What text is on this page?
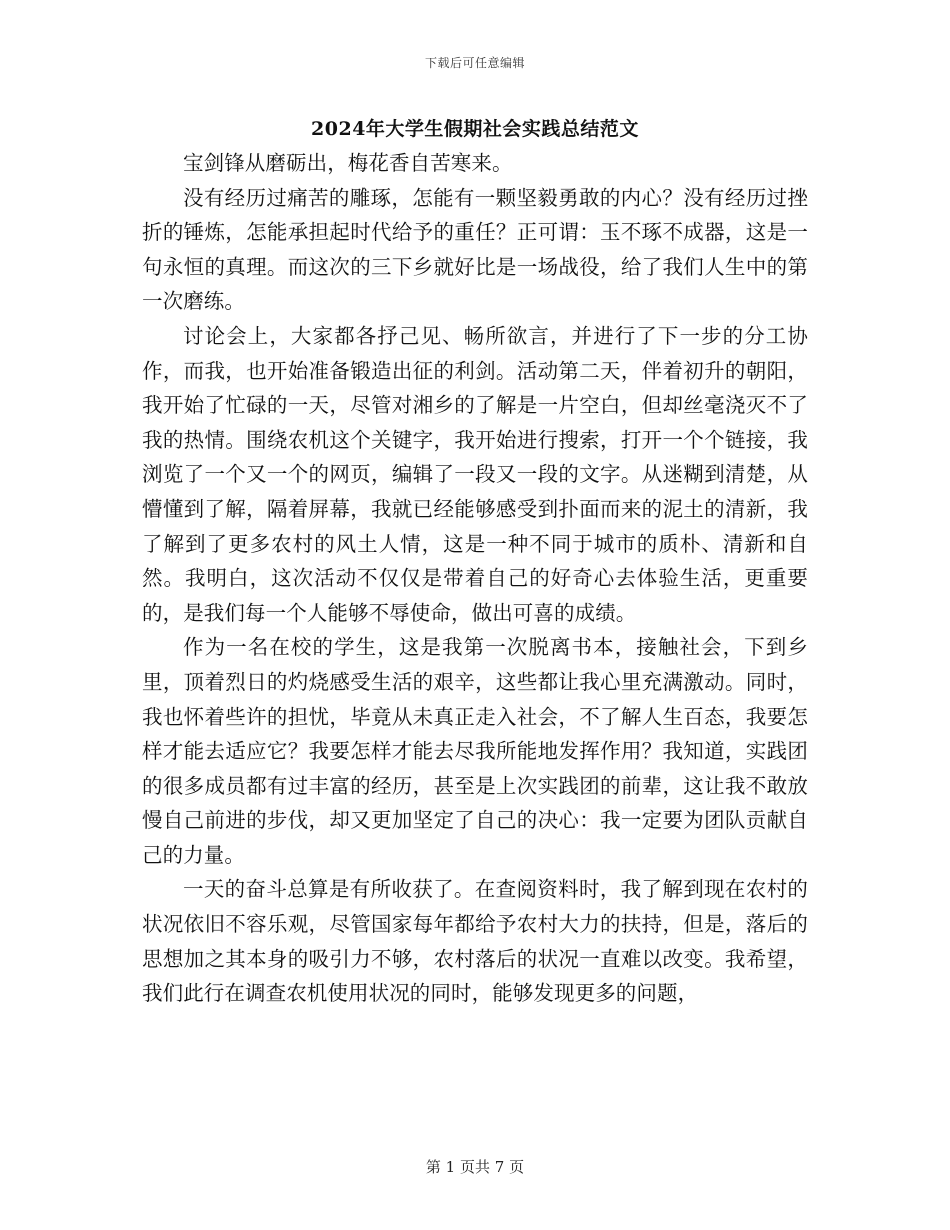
下载后可任意编辑
2024年大学生假期社会实践总结范文

宝剑锋从磨砺出，梅花香自苦寒来。

没有经历过痛苦的雕琢，怎能有一颗坚毅勇敢的内心？没有经历过挫折的锤炼，怎能承担起时代给予的重任？正可谓：玉不琢不成器，这是一句永恒的真理。而这次的三下乡就好比是一场战役，给了我们人生中的第一次磨练。

讨论会上，大家都各抒己见、畅所欲言，并进行了下一步的分工协作，而我，也开始准备锻造出征的利剑。活动第二天，伴着初升的朝阳，我开始了忙碌的一天，尽管对湘乡的了解是一片空白，但却丝毫浇灭不了我的热情。围绕农机这个关键字，我开始进行搜索，打开一个个链接，我浏览了一个又一个的网页，编辑了一段又一段的文字。从迷糊到清楚，从懵懂到了解，隔着屏幕，我就已经能够感受到扑面而来的泥土的清新，我了解到了更多农村的风土人情，这是一种不同于城市的质朴、清新和自然。我明白，这次活动不仅仅是带着自己的好奇心去体验生活，更重要的，是我们每一个人能够不辱使命，做出可喜的成绩。

作为一名在校的学生，这是我第一次脱离书本，接触社会，下到乡里，顶着烈日的灼烧感受生活的艰辛，这些都让我心里充满激动。同时，我也怀着些许的担忧，毕竟从未真正走入社会，不了解人生百态，我要怎样才能去适应它？我要怎样才能去尽我所能地发挥作用？我知道，实践团的很多成员都有过丰富的经历，甚至是上次实践团的前辈，这让我不敢放慢自己前进的步伐，却又更加坚定了自己的决心：我一定要为团队贡献自己的力量。

一天的奋斗总算是有所收获了。在查阅资料时，我了解到现在农村的状况依旧不容乐观，尽管国家每年都给予农村大力的扶持，但是，落后的思想加之其本身的吸引力不够，农村落后的状况一直难以改变。我希望，我们此行在调查农机使用状况的同时，能够发现更多的问题，

第 1 页共 7 页
